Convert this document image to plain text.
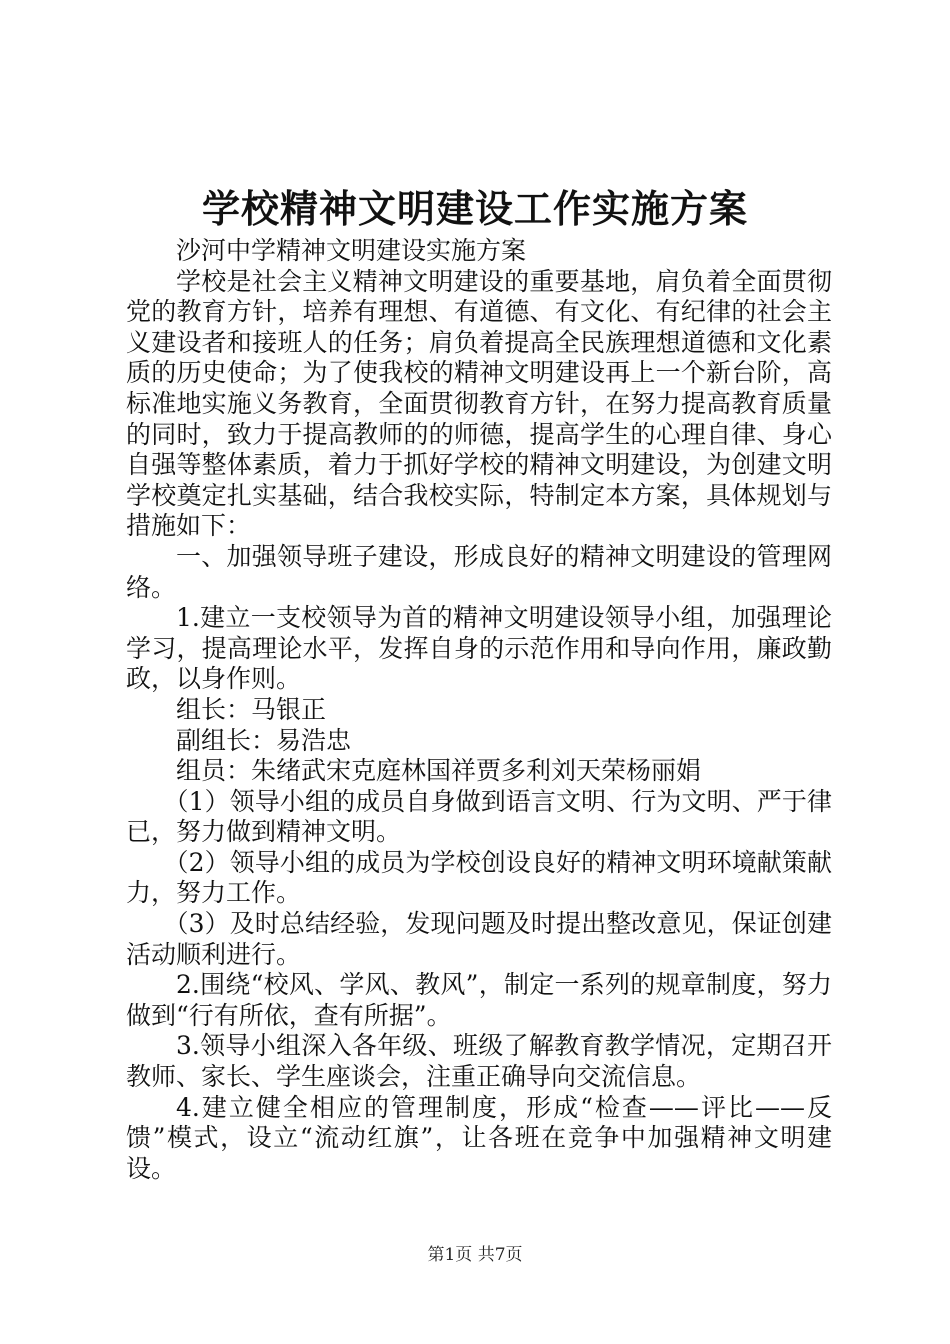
学校精神文明建设工作实施方案

沙河中学精神文明建设实施方案

学校是社会主义精神文明建设的重要基地，肩负着全面贯彻党的教育方针，培养有理想、有道德、有文化、有纪律的社会主义建设者和接班人的任务；肩负着提高全民族理想道德和文化素质的历史使命；为了使我校的精神文明建设再上一个新台阶，高标准地实施义务教育，全面贯彻教育方针，在努力提高教育质量的同时，致力于提高教师的的师德，提高学生的心理自律、身心自强等整体素质，着力于抓好学校的精神文明建设，为创建文明学校奠定扎实基础，结合我校实际，特制定本方案，具体规划与措施如下：

一、加强领导班子建设，形成良好的精神文明建设的管理网络。

1.建立一支校领导为首的精神文明建设领导小组，加强理论学习，提高理论水平，发挥自身的示范作用和导向作用，廉政勤政，以身作则。

组长：马银正

副组长：易浩忠

组员：朱绪武宋克庭林国祥贾多利刘天荣杨丽娟

（1）领导小组的成员自身做到语言文明、行为文明、严于律已，努力做到精神文明。

（2）领导小组的成员为学校创设良好的精神文明环境献策献力，努力工作。

（3）及时总结经验，发现问题及时提出整改意见，保证创建活动顺利进行。

2.围绕“校风、学风、教风”，制定一系列的规章制度，努力做到“行有所依，查有所据”。

3.领导小组深入各年级、班级了解教育教学情况，定期召开教师、家长、学生座谈会，注重正确导向交流信息。

4.建立健全相应的管理制度，形成“检查——评比——反馈”模式，设立“流动红旗”，让各班在竞争中加强精神文明建设。

第1页 共7页
